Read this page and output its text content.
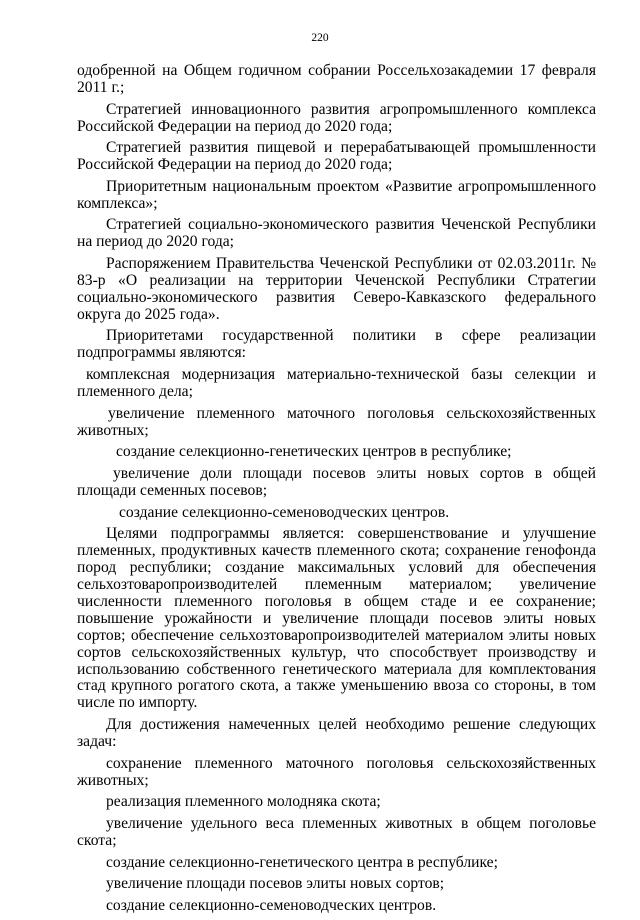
220

одобренной на Общем годичном собрании Россельхозакадемии 17 февраля 2011 г.;

Стратегией инновационного развития агропромышленного комплекса Российской Федерации на период до 2020 года;

Стратегией развития пищевой и перерабатывающей промышленности Российской Федерации на период до 2020 года;

Приоритетным национальным проектом «Развитие агропромышленного комплекса»;

Стратегией социально-экономического развития Чеченской Республики на период до 2020 года;

Распоряжением Правительства Чеченской Республики от 02.03.2011г. № 83-р «О реализации на территории Чеченской Республики Стратегии социально-экономического развития Северо-Кавказского федерального округа до 2025 года».

Приоритетами государственной политики в сфере реализации подпрограммы являются:

комплексная модернизация материально-технической базы селекции и племенного дела;

увеличение племенного маточного поголовья сельскохозяйственных животных;

создание селекционно-генетических центров в республике;

увеличение доли площади посевов элиты новых сортов в общей площади семенных посевов;

создание селекционно-семеноводческих центров.

Целями подпрограммы является: совершенствование и улучшение племенных, продуктивных качеств племенного скота; сохранение генофонда пород республики; создание максимальных условий для обеспечения сельхозтоваропроизводителей племенным материалом; увеличение численности племенного поголовья в общем стаде и ее сохранение; повышение урожайности и увеличение площади посевов элиты новых сортов; обеспечение сельхозтоваропроизводителей материалом элиты новых сортов сельскохозяйственных культур, что способствует производству и использованию собственного генетического материала для комплектования стад крупного рогатого скота, а также уменьшению ввоза со стороны, в том числе по импорту.

Для достижения намеченных целей необходимо решение следующих задач:

сохранение племенного маточного поголовья сельскохозяйственных животных;

реализация племенного молодняка скота;

увеличение удельного веса племенных животных в общем поголовье скота;

создание селекционно-генетического центра в республике;

увеличение площади посевов элиты новых сортов;

создание селекционно-семеноводческих центров.
